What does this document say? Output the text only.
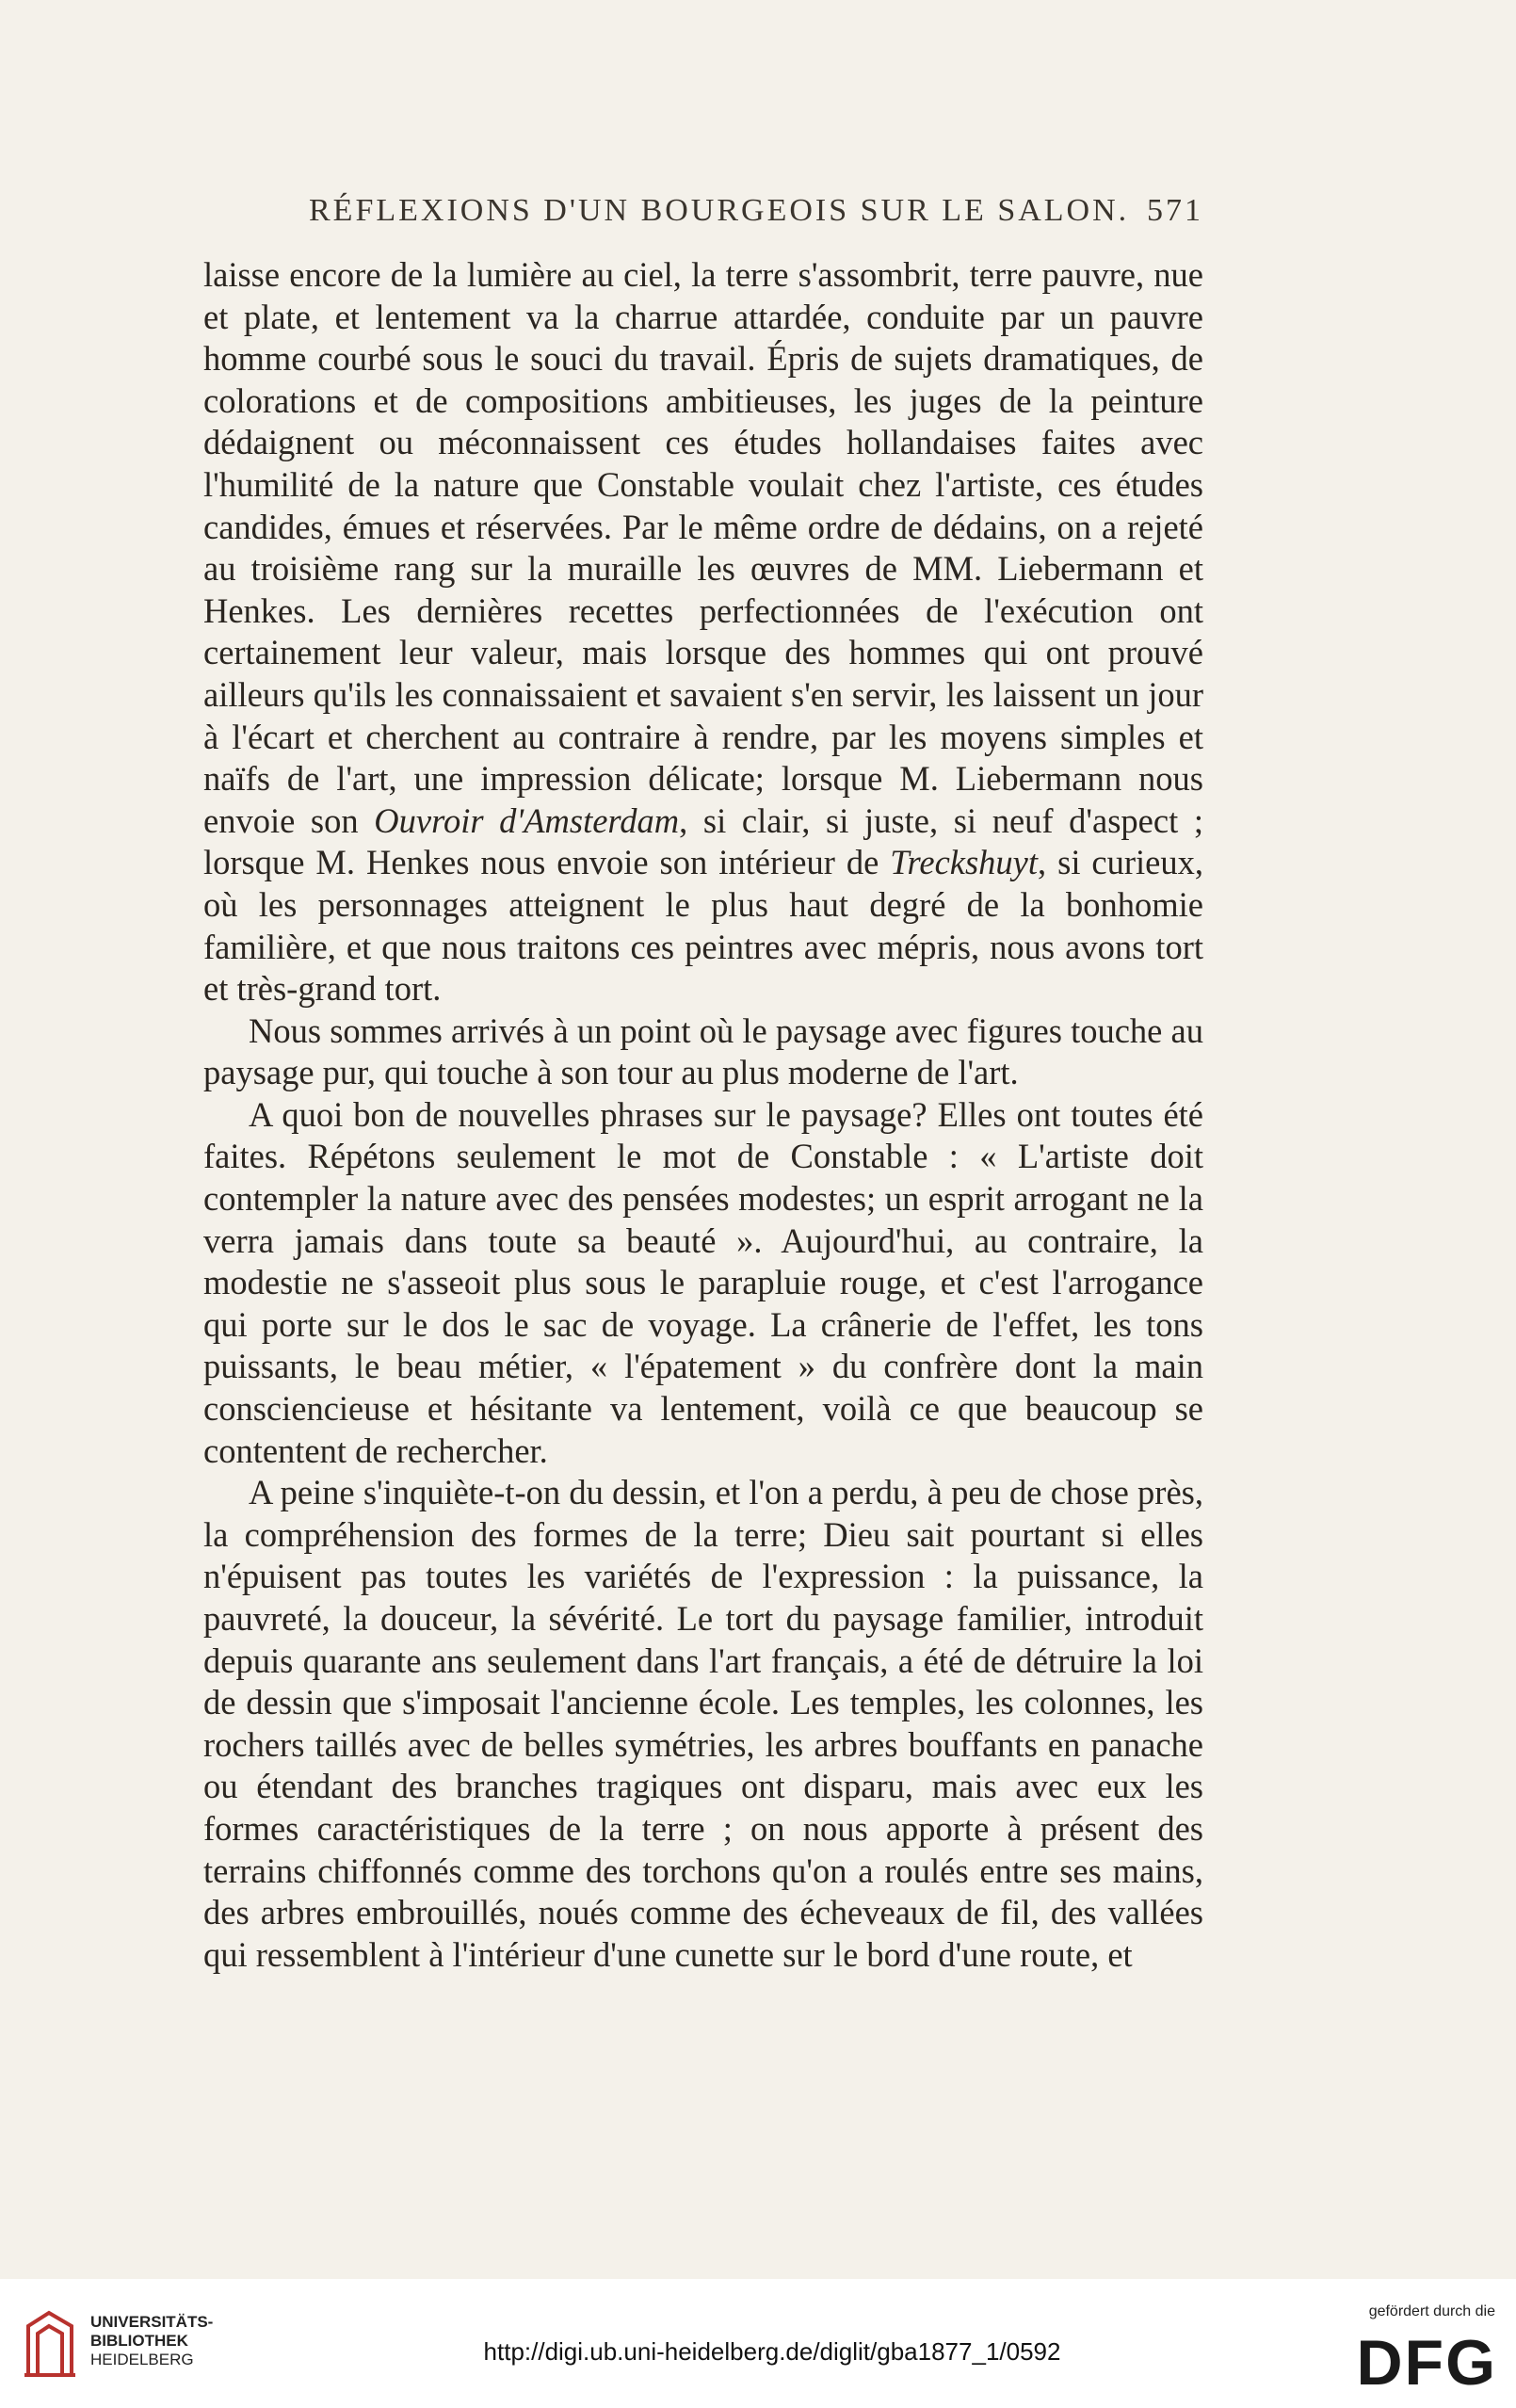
RÉFLEXIONS D'UN BOURGEOIS SUR LE SALON. 571

laisse encore de la lumière au ciel, la terre s'assombrit, terre pauvre, nue et plate, et lentement va la charrue attardée, conduite par un pauvre homme courbé sous le souci du travail. Épris de sujets dramatiques, de colorations et de compositions ambitieuses, les juges de la peinture dédaignent ou méconnaissent ces études hollandaises faites avec l'humilité de la nature que Constable voulait chez l'artiste, ces études candides, émues et réservées. Par le même ordre de dédains, on a rejeté au troisième rang sur la muraille les œuvres de MM. Liebermann et Henkes. Les dernières recettes perfectionnées de l'exécution ont certainement leur valeur, mais lorsque des hommes qui ont prouvé ailleurs qu'ils les connaissaient et savaient s'en servir, les laissent un jour à l'écart et cherchent au contraire à rendre, par les moyens simples et naïfs de l'art, une impression délicate; lorsque M. Liebermann nous envoie son Ouvroir d'Amsterdam, si clair, si juste, si neuf d'aspect ; lorsque M. Henkes nous envoie son intérieur de Treckshuyt, si curieux, où les personnages atteignent le plus haut degré de la bonhomie familière, et que nous traitons ces peintres avec mépris, nous avons tort et très-grand tort.

Nous sommes arrivés à un point où le paysage avec figures touche au paysage pur, qui touche à son tour au plus moderne de l'art.

A quoi bon de nouvelles phrases sur le paysage? Elles ont toutes été faites. Répétons seulement le mot de Constable : « L'artiste doit contempler la nature avec des pensées modestes; un esprit arrogant ne la verra jamais dans toute sa beauté ». Aujourd'hui, au contraire, la modestie ne s'asseoit plus sous le parapluie rouge, et c'est l'arrogance qui porte sur le dos le sac de voyage. La crânerie de l'effet, les tons puissants, le beau métier, « l'épatement » du confrère dont la main consciencieuse et hésitante va lentement, voilà ce que beaucoup se contentent de rechercher.

A peine s'inquiète-t-on du dessin, et l'on a perdu, à peu de chose près, la compréhension des formes de la terre; Dieu sait pourtant si elles n'épuisent pas toutes les variétés de l'expression : la puissance, la pauvreté, la douceur, la sévérité. Le tort du paysage familier, introduit depuis quarante ans seulement dans l'art français, a été de détruire la loi de dessin que s'imposait l'ancienne école. Les temples, les colonnes, les rochers taillés avec de belles symétries, les arbres bouffants en panache ou étendant des branches tragiques ont disparu, mais avec eux les formes caractéristiques de la terre ; on nous apporte à présent des terrains chiffonnés comme des torchons qu'on a roulés entre ses mains, des arbres embrouillés, noués comme des écheveaux de fil, des vallées qui ressemblent à l'intérieur d'une cunette sur le bord d'une route, et

UNIVERSITÄTS-
BIBLIOTHEK
HEIDELBERG	http://digi.ub.uni-heidelberg.de/diglit/gba1877_1/0592
gefördert durch die
DFG
